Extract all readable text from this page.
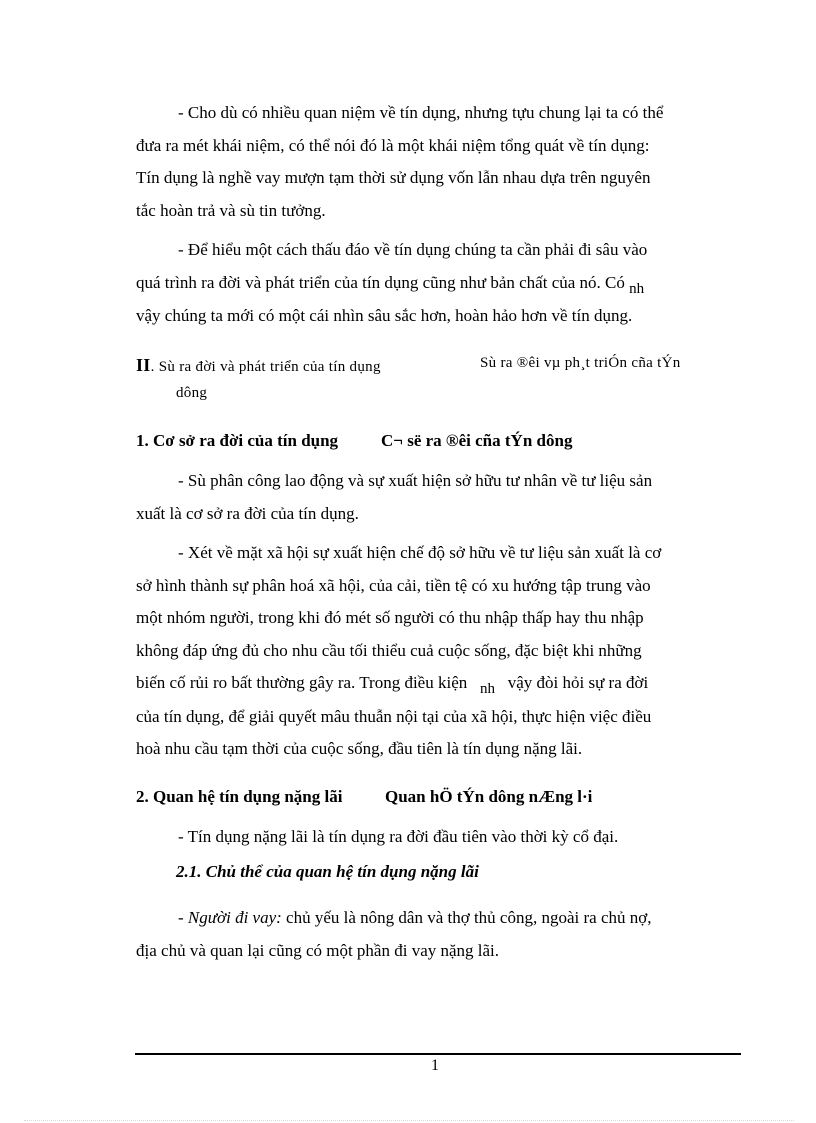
- Cho dù có nhiều quan niệm về tín dụng, nhưng tựu chung lại ta có thể
đưa ra mét khái niệm, có thể nói đó là một khái niệm tổng quát về tín dụng:
Tín dụng là nghề vay mượn tạm thời sử dụng vốn lẫn nhau dựa trên nguyên
tắc hoàn trả và sù tin tưởng.
- Để hiểu một cách thấu đáo về tín dụng chúng ta cần phải đi sâu vào
quá trình ra đời và phát triển của tín dụng cũng như bản chất của nó. Có nh
vậy chúng ta mới có một cái nhìn sâu sắc hơn, hoàn hảo hơn về tín dụng.
II. Sù ra đời và phát triển của tín dụng	Sù ra ®êi vµ ph¸t triÓn cña tÝn
dông
1. Cơ sở ra đời của tín dụng	C¬ së ra ®êi cña tÝn dông
- Sù phân công lao động và sự xuất hiện sở hữu tư nhân về tư liệu sản
xuất là cơ sở ra đời của tín dụng.
- Xét về mặt xã hội sự xuất hiện chế độ sở hữu về tư liệu sản xuất là cơ
sở hình thành sự phân hoá xã hội, của cải, tiền tệ có xu hướng tập trung vào
một nhóm người, trong khi đó mét số người có thu nhập thấp hay thu nhập
không đáp ứng đủ cho nhu cầu tối thiểu cuả cuộc sống, đặc biệt khi những
biến cố rủi ro bất thường gây ra. Trong điều kiện nh vậy đòi hỏi sự ra đời
của tín dụng, để giải quyết mâu thuẫn nội tại của xã hội, thực hiện việc điều
hoà nhu cầu tạm thời của cuộc sống, đầu tiên là tín dụng nặng lãi.
2. Quan hệ tín dụng nặng lãi	Quan hÖ tÝn dông nÆng l·i
- Tín dụng nặng lãi là tín dụng ra đời đầu tiên vào thời kỳ cổ đại.
2.1. Chủ thể của quan hệ tín dụng nặng lãi
- Người đi vay: chủ yếu là nông dân và thợ thủ công, ngoài ra chủ nợ,
địa chủ và quan lại cũng có một phần đi vay nặng lãi.
1
